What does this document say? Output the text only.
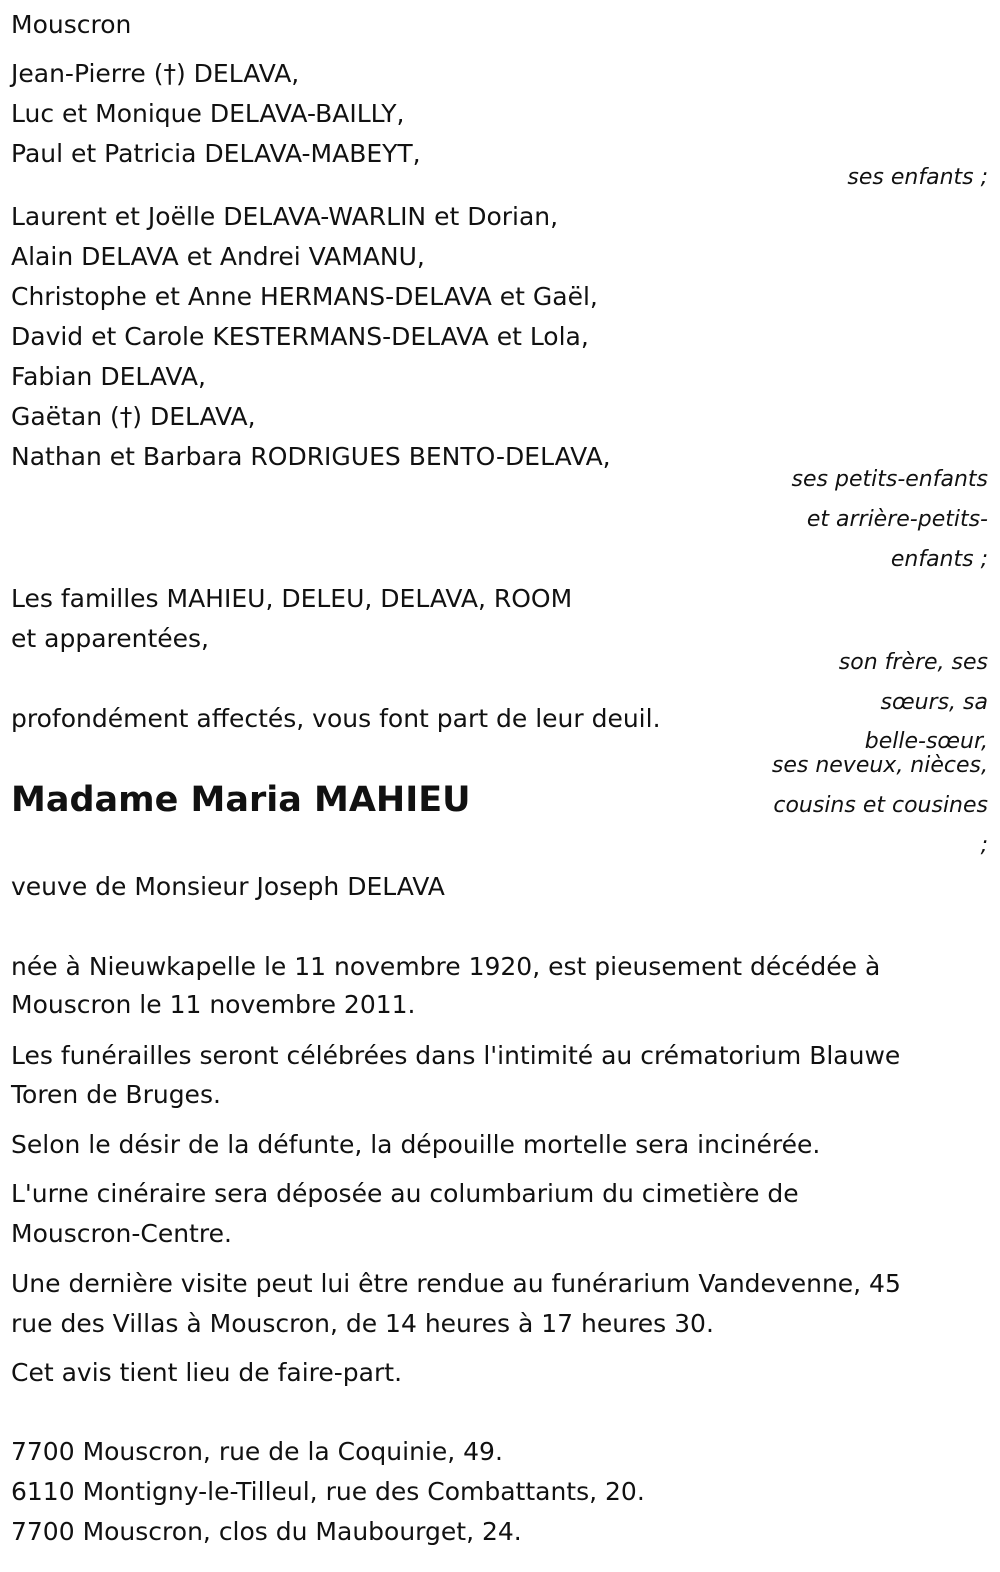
Mouscron

Jean-Pierre (†) DELAVA,

Luc et Monique DELAVA-BAILLY,

Paul et Patricia DELAVA-MABEYT,

ses enfants ;

Laurent et Joëlle DELAVA-WARLIN et Dorian,

Alain DELAVA et Andrei VAMANU,

Christophe et Anne HERMANS-DELAVA et Gaël,

David et Carole KESTERMANS-DELAVA et Lola,

Fabian DELAVA,

Gaëtan (†) DELAVA,

Nathan et Barbara RODRIGUES BENTO-DELAVA,

ses petits-enfants

et arrière-petits-

enfants ;

Les familles MAHIEU, DELEU, DELAVA, ROOM

et apparentées,

son frère, ses

sœurs, sa

belle-sœur,

profondément affectés, vous font part de leur deuil.

ses neveux, nièces,

cousins et cousines

;

Madame Maria MAHIEU

veuve de Monsieur Joseph DELAVA

née à Nieuwkapelle le 11 novembre 1920, est pieusement décédée à

Mouscron le 11 novembre 2011.

Les funérailles seront célébrées dans l'intimité au crématorium Blauwe

Toren de Bruges.

Selon le désir de la défunte, la dépouille mortelle sera incinérée.

L'urne cinéraire sera déposée au columbarium du cimetière de

Mouscron-Centre.

Une dernière visite peut lui être rendue au funérarium Vandevenne, 45

rue des Villas à Mouscron, de 14 heures à 17 heures 30.

Cet avis tient lieu de faire-part.

7700 Mouscron, rue de la Coquinie, 49.

6110 Montigny-le-Tilleul, rue des Combattants, 20.

7700 Mouscron, clos du Maubourget, 24.
